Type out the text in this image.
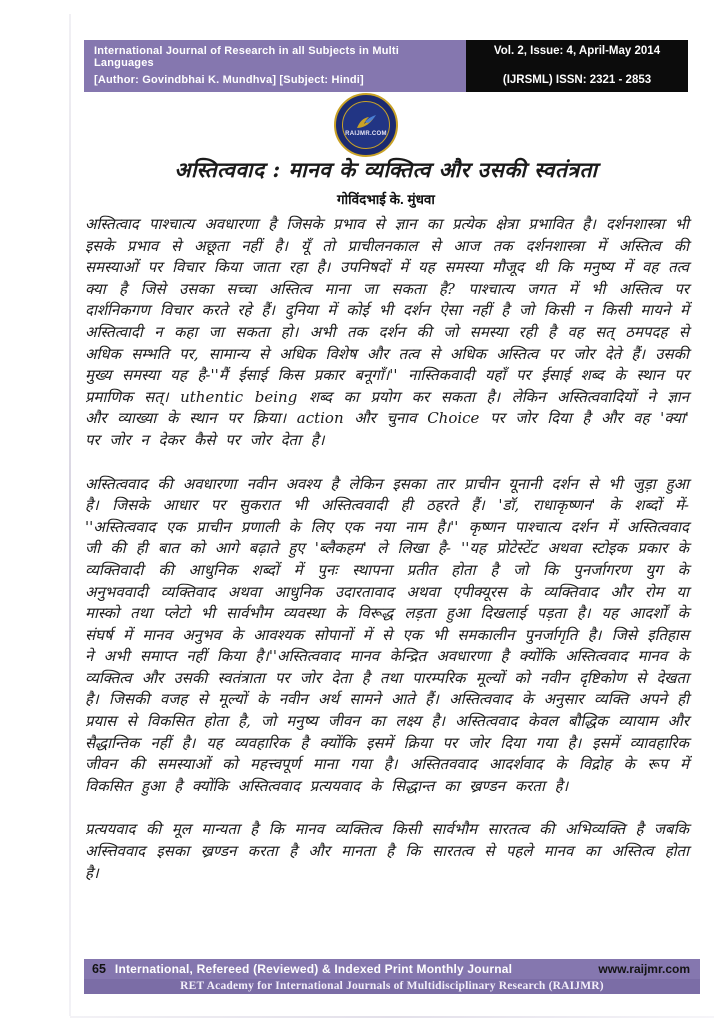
International Journal of Research in all Subjects in Multi Languages
[Author: Govindbhai K. Mundhva] [Subject: Hindi]
Vol. 2, Issue: 4, April-May 2014
(IJRSML) ISSN: 2321 - 2853
RAIJMR.COM
अस्तित्ववाद : मानव के व्यक्तित्व और उसकी स्वतंत्रता
गोविंदभाई के. मुंधवा

अस्तित्वाद पाश्चात्य अवधारणा है जिसके प्रभाव से ज्ञान का प्रत्येक क्षेत्रा प्रभावित है। दर्शनशास्त्रा भी इसके प्रभाव से अछूता नहीं है। यूँ तो प्राचीलनकाल से आज तक दर्शनशास्त्रा में अस्तित्व की समस्याओं पर विचार किया जाता रहा है। उपनिषदों में यह समस्या मौजूद थी कि मनुष्य में वह तत्व क्या है जिसे उसका सच्चा अस्तित्व माना जा सकता है? पाश्चात्य जगत में भी अस्तित्व पर दार्शनिकगण विचार करते रहे हैं। दुनिया में कोई भी दर्शन ऐसा नहीं है जो किसी न किसी मायने में अस्तित्वादी न कहा जा सकता हो। अभी तक दर्शन की जो समस्या रही है वह सत् ठमपदह से अधिक सम्भति पर, सामान्य से अधिक विशेष और तत्व से अधिक अस्तित्व पर जोर देते हैं। उसकी मुख्य समस्या यह है-''मैं ईसाई किस प्रकार बनूगाँ।'' नास्तिकवादी यहाँ पर ईसाई शब्द के स्थान पर प्रमाणिक सत्। uthentic being शब्द का प्रयोग कर सकता है। लेकिन अस्तित्ववादियों ने ज्ञान और व्याख्या के स्थान पर क्रिया। action और चुनाव Choice पर जोर दिया है और वह 'क्या' पर जोर न देकर कैसे पर जोर देता है।

अस्तित्ववाद की अवधारणा नवीन अवश्य है लेकिन इसका तार प्राचीन यूनानी दर्शन से भी जुड़ा हुआ है। जिसके आधार पर सुकरात भी अस्तित्ववादी ही ठहरते हैं। 'डॉ, राधाकृष्णन' के शब्दों में-''अस्तित्ववाद एक प्राचीन प्रणाली के लिए एक नया नाम है।'' कृष्णन पाश्चात्य दर्शन में अस्तित्ववाद जी की ही बात को आगे बढ़ाते हुए 'ब्लैकहम' ले लिखा है- ''यह प्रोटेस्टेंट अथवा स्टोइक प्रकार के व्यक्तिवादी की आधुनिक शब्दों में पुनः स्थापना प्रतीत होता है जो कि पुनर्जागरण युग के अनुभववादी व्यक्तिवाद अथवा आधुनिक उदारतावाद अथवा एपीक्यूरस के व्यक्तिवाद और रोम या मास्को तथा प्लेटो भी सार्वभौम व्यवस्था के विरूद्ध लड़ता हुआ दिखलाई पड़ता है। यह आदर्शों के संघर्ष में मानव अनुभव के आवश्यक सोपानों में से एक भी समकालीन पुनर्जागृति है। जिसे इतिहास ने अभी समाप्त नहीं किया है।''अस्तित्ववाद मानव केन्द्रित अवधारणा है क्योंकि अस्तित्ववाद मानव के व्यक्तित्व और उसकी स्वतंत्राता पर जोर देता है तथा पारम्परिक मूल्यों को नवीन दृष्टिकोण से देखता है। जिसकी वजह से मूल्यों के नवीन अर्थ सामने आते हैं। अस्तित्ववाद के अनुसार व्यक्ति अपने ही प्रयास से विकसित होता है, जो मनुष्य जीवन का लक्ष्य है। अस्तित्ववाद केवल बौद्धिक व्यायाम और सैद्धान्तिक नहीं है। यह व्यवहारिक है क्योंकि इसमें क्रिया पर जोर दिया गया है। इसमें व्यावहारिक जीवन की समस्याओं को महत्त्वपूर्ण माना गया है। अस्तितववाद आदर्शवाद के विद्रोह के रूप में विकसित हुआ है क्योंकि अस्तित्ववाद प्रत्ययवाद के सिद्धान्त का ख्रण्डन करता है।

प्रत्ययवाद की मूल मान्यता है कि मानव व्यक्तित्व किसी सार्वभौम सारतत्व की अभिव्यक्ति है जबकि अस्त्तिववाद इसका ख्रण्डन करता है और मानता है कि सारतत्व से पहले मानव का अस्तित्व होता है।

65 International, Refereed (Reviewed) & Indexed Print Monthly Journal	www.raijmr.com
RET Academy for International Journals of Multidisciplinary Research (RAIJMR)
